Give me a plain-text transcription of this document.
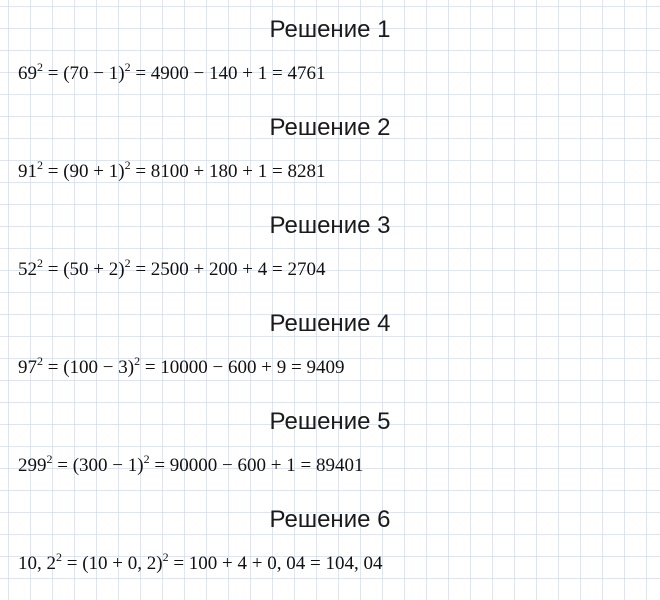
Решение 1
$69^2 = (70 - 1)^2 = 4900 - 140 + 1 = 4761$
Решение 2
$91^2 = (90 + 1)^2 = 8100 + 180 + 1 = 8281$
Решение 3
$52^2 = (50 + 2)^2 = 2500 + 200 + 4 = 2704$
Решение 4
$97^2 = (100 - 3)^2 = 10000 - 600 + 9 = 9409$
Решение 5
$299^2 = (300 - 1)^2 = 90000 - 600 + 1 = 89401$
Решение 6
10, $2^2 = (10 + 0$, 2)$^2$ = 100 + 4 + 0, 04 = 104, 04
